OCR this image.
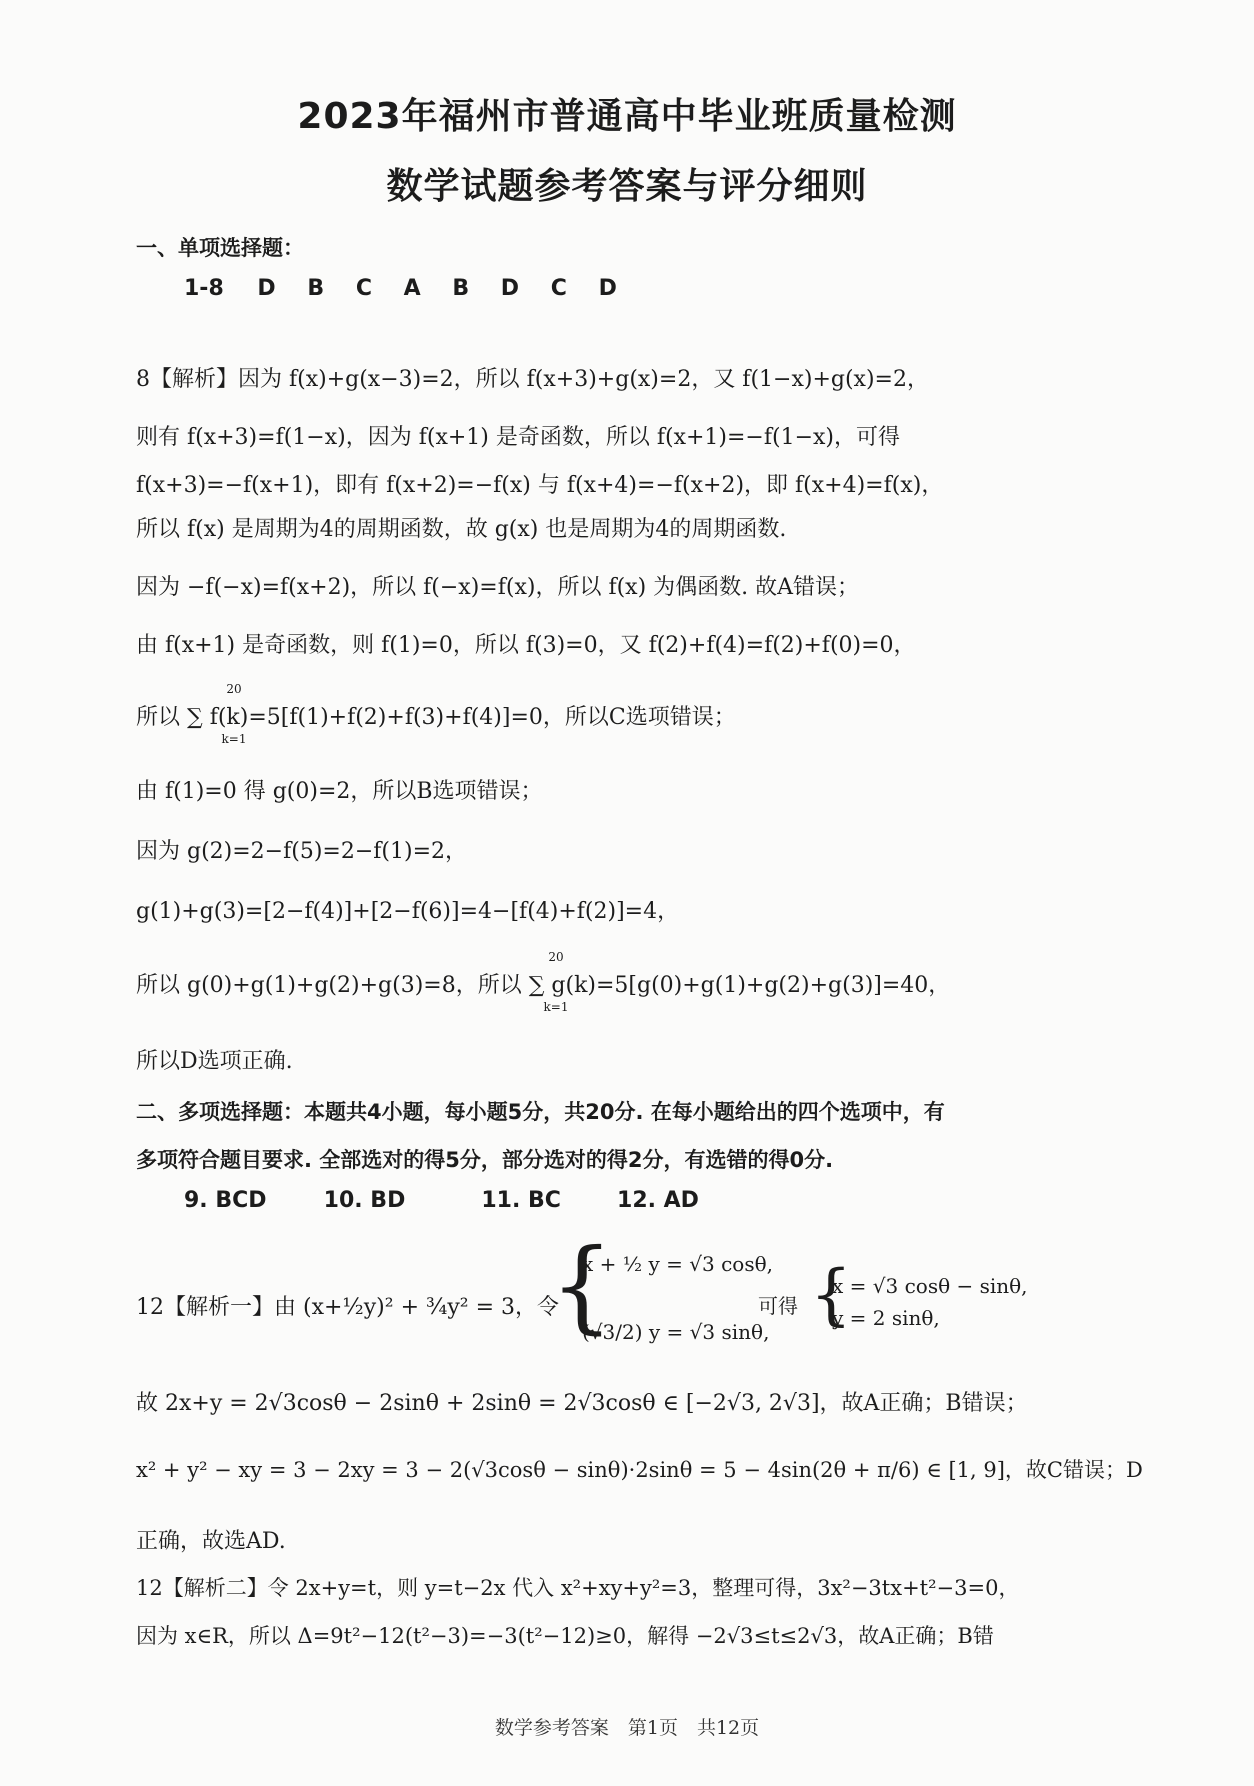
2023年福州市普通高中毕业班质量检测
数学试题参考答案与评分细则
一、单项选择题：
1-8 D B C A B D C D
8【解析】因为 f(x)+g(x−3)=2，所以 f(x+3)+g(x)=2，又 f(1−x)+g(x)=2，
则有 f(x+3)=f(1−x)，因为 f(x+1) 是奇函数，所以 f(x+1)=−f(1−x)，可得
f(x+3)=−f(x+1)，即有 f(x+2)=−f(x) 与 f(x+4)=−f(x+2)，即 f(x+4)=f(x)，
所以 f(x) 是周期为4的周期函数，故 g(x) 也是周期为4的周期函数.
因为 −f(−x)=f(x+2)，所以 f(−x)=f(x)，所以 f(x) 为偶函数. 故A错误；
由 f(x+1) 是奇函数，则 f(1)=0，所以 f(3)=0，又 f(2)+f(4)=f(2)+f(0)=0，
20
所以 ∑ f(k)=5[f(1)+f(2)+f(3)+f(4)]=0，所以C选项错误；
k=1
由 f(1)=0 得 g(0)=2，所以B选项错误；
因为 g(2)=2−f(5)=2−f(1)=2，
g(1)+g(3)=[2−f(4)]+[2−f(6)]=4−[f(4)+f(2)]=4，
20
所以 g(0)+g(1)+g(2)+g(3)=8，所以 ∑ g(k)=5[g(0)+g(1)+g(2)+g(3)]=40，
k=1
所以D选项正确.
二、多项选择题：本题共4小题，每小题5分，共20分. 在每小题给出的四个选项中，有
多项符合题目要求. 全部选对的得5分，部分选对的得2分，有选错的得0分.
9. BCD	10. BD	11. BC	12. AD
12【解析一】由 (x+½y)² + ¾y² = 3，令
{
x + ½ y = √3 cosθ,
(√3/2) y = √3 sinθ,
可得 {
x = √3 cosθ − sinθ,
y = 2 sinθ,
故 2x+y = 2√3cosθ − 2sinθ + 2sinθ = 2√3cosθ ∈ [−2√3, 2√3]，故A正确；B错误；
x² + y² − xy = 3 − 2xy = 3 − 2(√3cosθ − sinθ)·2sinθ = 5 − 4sin(2θ + π/6) ∈ [1, 9]，故C错误；D
正确，故选AD.
12【解析二】令 2x+y=t，则 y=t−2x 代入 x²+xy+y²=3，整理可得，3x²−3tx+t²−3=0，
因为 x∈R，所以 Δ=9t²−12(t²−3)=−3(t²−12)≥0，解得 −2√3≤t≤2√3，故A正确；B错
数学参考答案　第1页　共12页
